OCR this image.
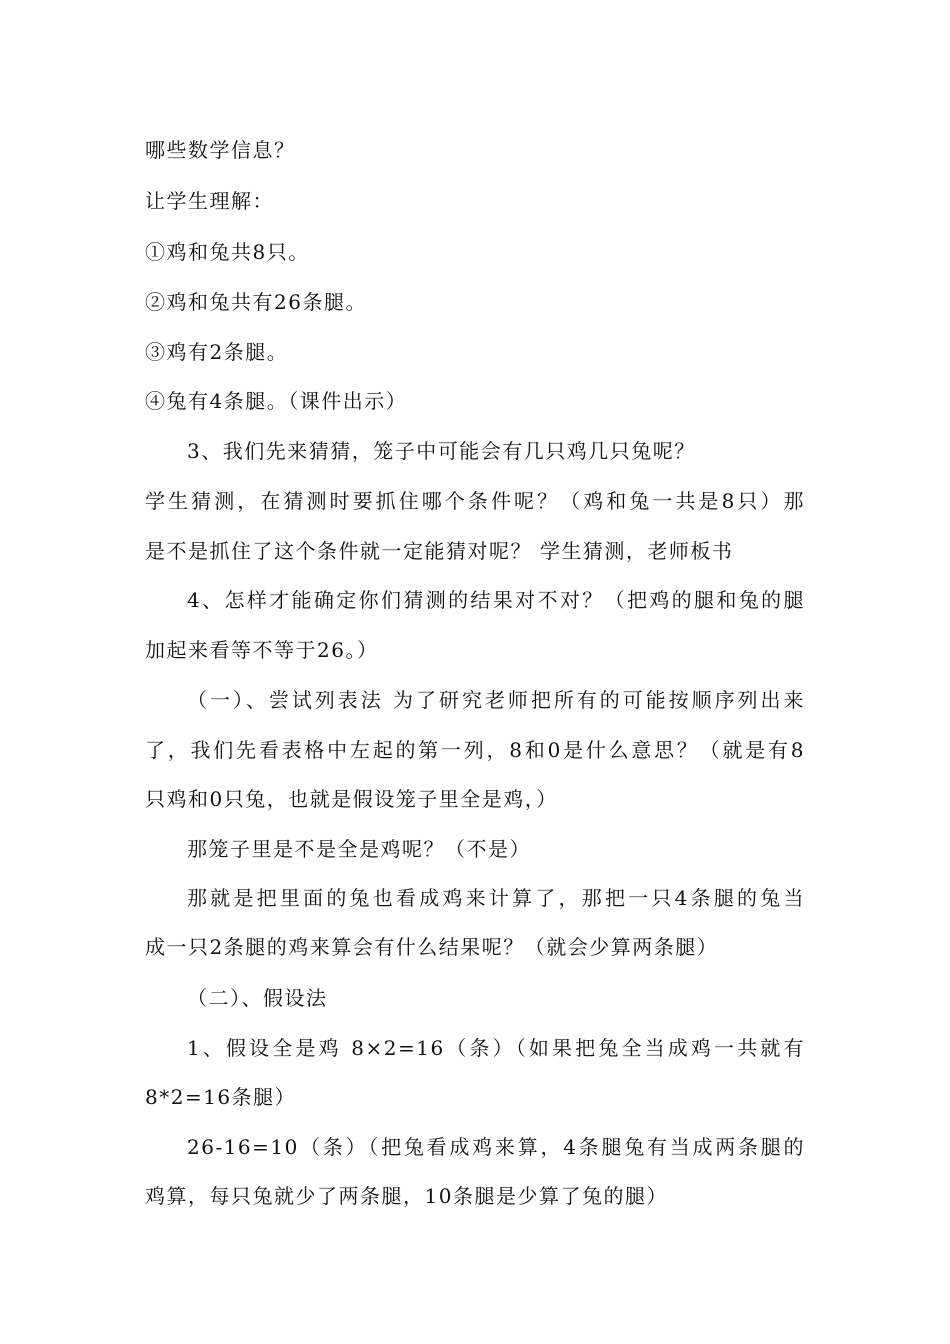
哪些数学信息？
让学生理解：
①鸡和兔共8只。
②鸡和兔共有26条腿。
③鸡有2条腿。
④兔有4条腿。（课件出示）
3、我们先来猜猜，笼子中可能会有几只鸡几只兔呢？
学生猜测，在猜测时要抓住哪个条件呢？（鸡和兔一共是8只）那
是不是抓住了这个条件就一定能猜对呢？ 学生猜测，老师板书
4、怎样才能确定你们猜测的结果对不对？（把鸡的腿和兔的腿
加起来看等不等于26。）
（一）、尝试列表法 为了研究老师把所有的可能按顺序列出来
了，我们先看表格中左起的第一列，8和0是什么意思？（就是有8
只鸡和0只兔，也就是假设笼子里全是鸡，）
那笼子里是不是全是鸡呢？（不是）
那就是把里面的兔也看成鸡来计算了，那把一只4条腿的兔当
成一只2条腿的鸡来算会有什么结果呢？（就会少算两条腿）
（二）、假设法
1、假设全是鸡 8×2=16（条）（如果把兔全当成鸡一共就有
8*2=16条腿）
26-16=10（条）（把兔看成鸡来算，4条腿兔有当成两条腿的
鸡算，每只兔就少了两条腿，10条腿是少算了兔的腿）
